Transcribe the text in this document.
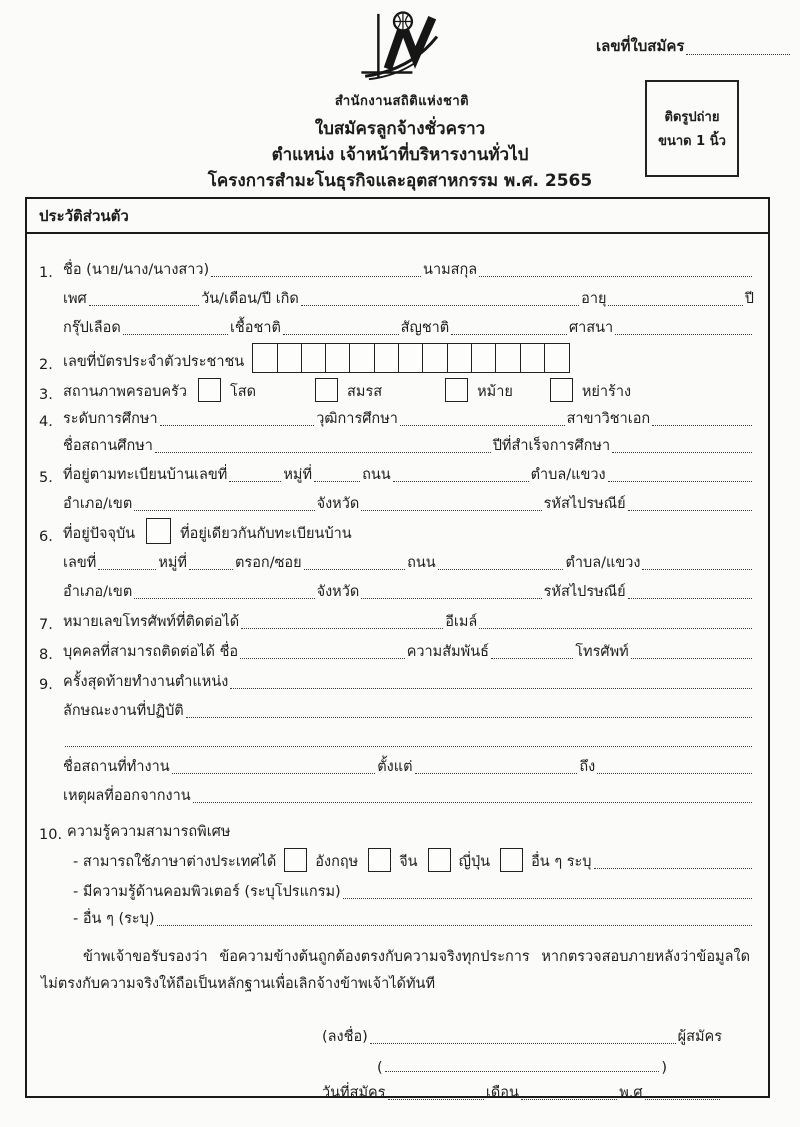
เลขที่ใบสมัคร
สำนักงานสถิติแห่งชาติ
ติดรูปถ่าย
ขนาด 1 นิ้ว
ใบสมัครลูกจ้างชั่วคราว
ตำแหน่ง เจ้าหน้าที่บริหารงานทั่วไป
โครงการสำมะโนธุรกิจและอุตสาหกรรม พ.ศ. 2565
ประวัติส่วนตัว
1. ชื่อ (นาย/นาง/นางสาว)	นามสกุล
เพศ	วัน/เดือน/ปี เกิด	อายุ	ปี
กรุ๊ปเลือด	เชื้อชาติ	สัญชาติ	ศาสนา
2. เลขที่บัตรประจำตัวประชาชน
3. สถานภาพครอบครัว	โสด	สมรส	หม้าย	หย่าร้าง
4. ระดับการศึกษา	วุฒิการศึกษา	สาขาวิชาเอก
ชื่อสถานศึกษา	ปีที่สำเร็จการศึกษา
5. ที่อยู่ตามทะเบียนบ้านเลขที่	หมู่ที่	ถนน	ตำบล/แขวง
อำเภอ/เขต	จังหวัด	รหัสไปรษณีย์
6. ที่อยู่ปัจจุบัน	ที่อยู่เดียวกันกับทะเบียนบ้าน
เลขที่	หมู่ที่	ตรอก/ซอย	ถนน	ตำบล/แขวง
อำเภอ/เขต	จังหวัด	รหัสไปรษณีย์
7. หมายเลขโทรศัพท์ที่ติดต่อได้	อีเมล์
8. บุคคลที่สามารถติดต่อได้ ชื่อ	ความสัมพันธ์	โทรศัพท์
9. ครั้งสุดท้ายทำงานตำแหน่ง
ลักษณะงานที่ปฏิบัติ
ชื่อสถานที่ทำงาน	ตั้งแต่	ถึง
เหตุผลที่ออกจากงาน
10. ความรู้ความสามารถพิเศษ
- สามารถใช้ภาษาต่างประเทศได้	อังกฤษ	จีน	ญี่ปุ่น	อื่น ๆ ระบุ
- มีความรู้ด้านคอมพิวเตอร์ (ระบุโปรแกรม)
- อื่น ๆ (ระบุ)
ข้าพเจ้าขอรับรองว่า ข้อความข้างต้นถูกต้องตรงกับความจริงทุกประการ หากตรวจสอบภายหลังว่าข้อมูลใดไม่ตรงกับความจริงให้ถือเป็นหลักฐานเพื่อเลิกจ้างข้าพเจ้าได้ทันที
(ลงชื่อ)	ผู้สมัคร
(	)
วันที่สมัคร	เดือน	พ.ศ
